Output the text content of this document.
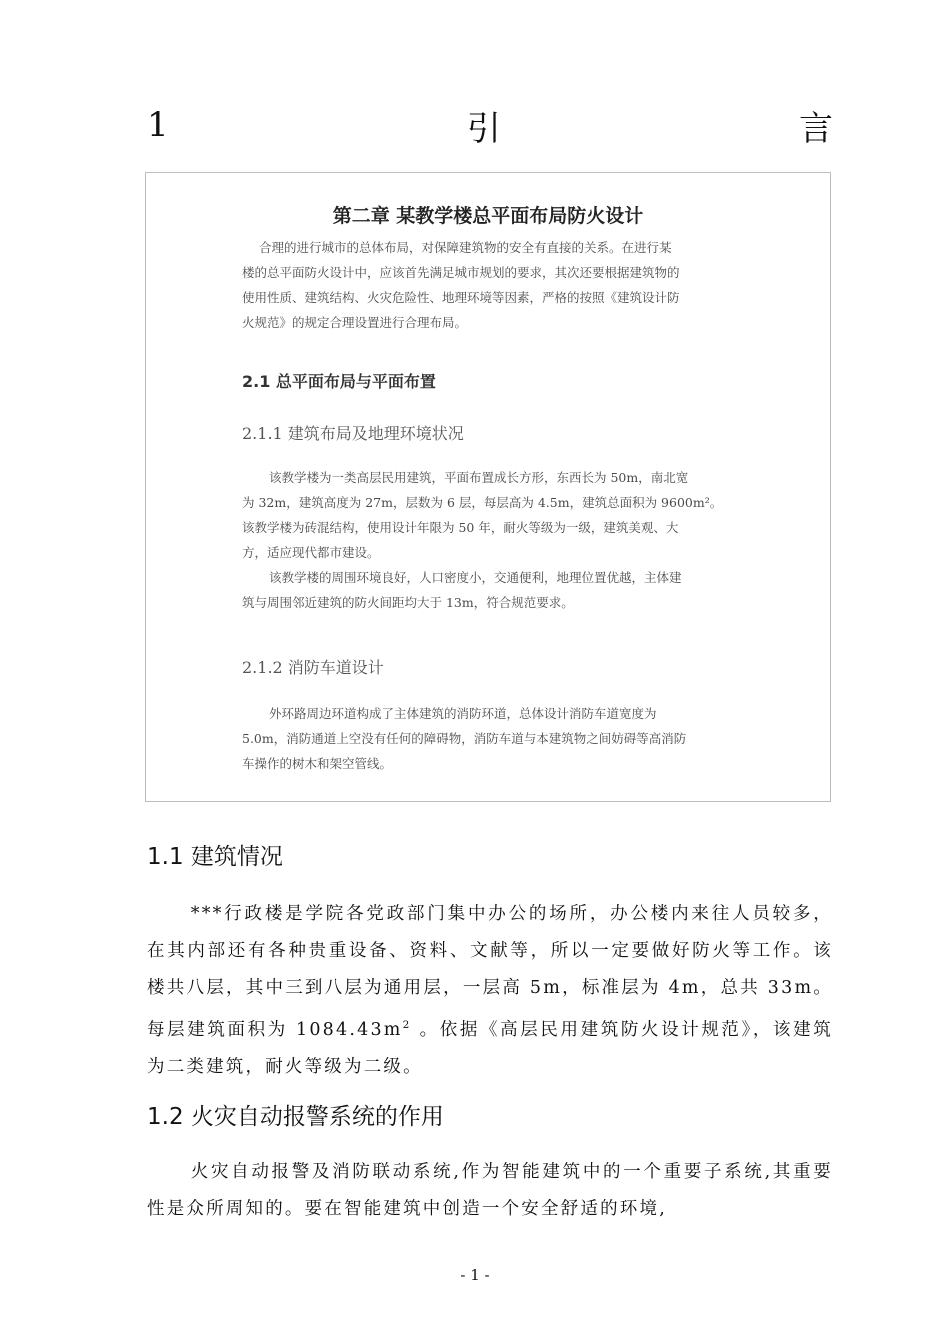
1	引	言
第二章 某教学楼总平面布局防火设计
合理的进行城市的总体布局，对保障建筑物的安全有直接的关系。在进行某
楼的总平面防火设计中，应该首先满足城市规划的要求，其次还要根据建筑物的
使用性质、建筑结构、火灾危险性、地理环境等因素，严格的按照《建筑设计防
火规范》的规定合理设置进行合理布局。
2.1 总平面布局与平面布置
2.1.1 建筑布局及地理环境状况
该教学楼为一类高层民用建筑，平面布置成长方形，东西长为 50m，南北宽
为 32m，建筑高度为 27m，层数为 6 层，每层高为 4.5m，建筑总面积为 9600m²。
该教学楼为砖混结构，使用设计年限为 50 年，耐火等级为一级，建筑美观、大
方，适应现代都市建设。
该教学楼的周围环境良好，人口密度小，交通便利，地理位置优越，主体建
筑与周围邻近建筑的防火间距均大于 13m，符合规范要求。
2.1.2 消防车道设计
外环路周边环道构成了主体建筑的消防环道，总体设计消防车道宽度为
5.0m，消防通道上空没有任何的障碍物，消防车道与本建筑物之间妨碍等高消防
车操作的树木和架空管线。
1.1 建筑情况

***行政楼是学院各党政部门集中办公的场所，办公楼内来往人员较多，在其内部还有各种贵重设备、资料、文献等，所以一定要做好防火等工作。该楼共八层，其中三到八层为通用层，一层高 5m，标准层为 4m，总共 33m。每层建筑面积为 $1084.43m^2$ 。依据《高层民用建筑防火设计规范》，该建筑为二类建筑，耐火等级为二级。

1.2 火灾自动报警系统的作用

火灾自动报警及消防联动系统,作为智能建筑中的一个重要子系统,其重要性是众所周知的。要在智能建筑中创造一个安全舒适的环境,

- 1 -
